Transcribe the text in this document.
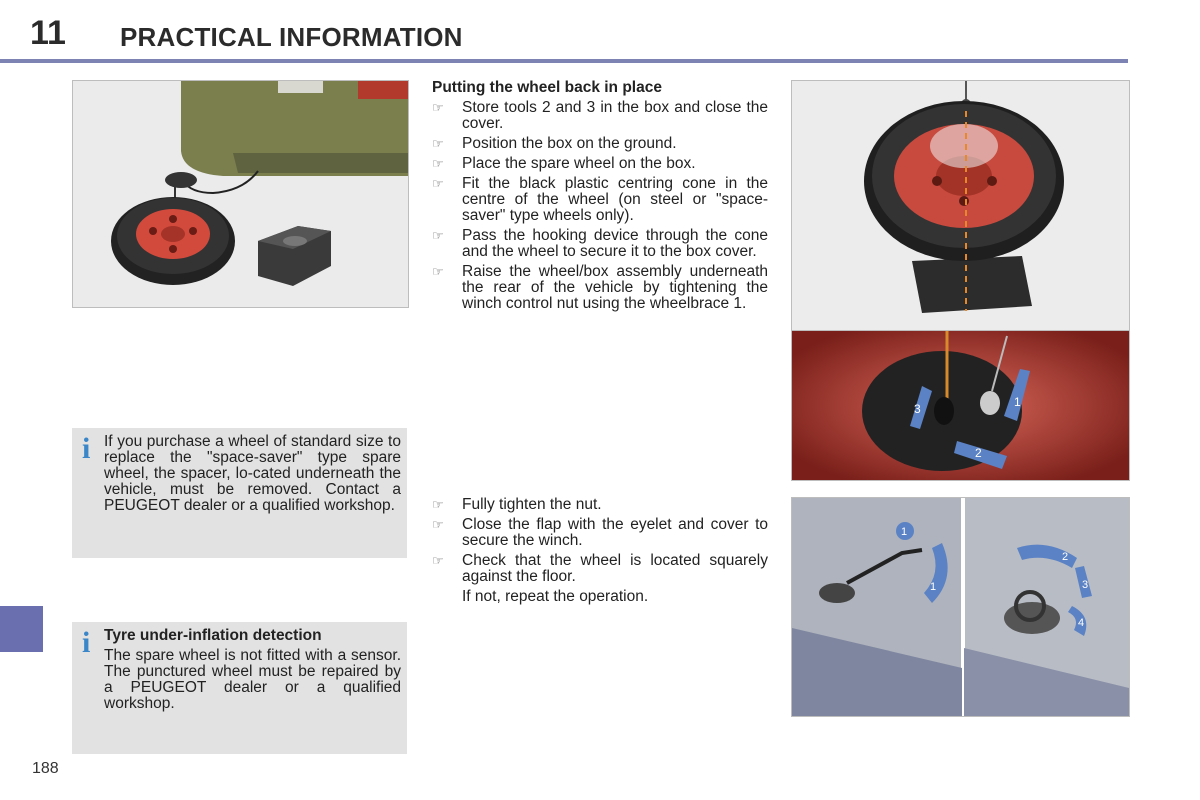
11 PRACTICAL INFORMATION
188
i If you purchase a wheel of standard size to replace the "space-saver" type spare wheel, the spacer, lo-cated underneath the vehicle, must be removed. Contact a PEUGEOT dealer or a qualified workshop.
i Tyre under-inflation detection
The spare wheel is not fitted with a sensor. The punctured wheel must be repaired by a PEUGEOT dealer or a qualified workshop.
Putting the wheel back in place
☞ Store tools 2 and 3 in the box and close the cover.
☞ Position the box on the ground.
☞ Place the spare wheel on the box.
☞ Fit the black plastic centring cone in the centre of the wheel (on steel or "space-saver" type wheels only).
☞ Pass the hooking device through the cone and the wheel to secure it to the box cover.
☞ Raise the wheel/box assembly underneath the rear of the vehicle by tightening the winch control nut using the wheelbrace 1.
☞ Fully tighten the nut.
☞ Close the flap with the eyelet and cover to secure the winch.
☞ Check that the wheel is located squarely against the floor.
If not, repeat the operation.
3	1
2
1
1
2
3
4
